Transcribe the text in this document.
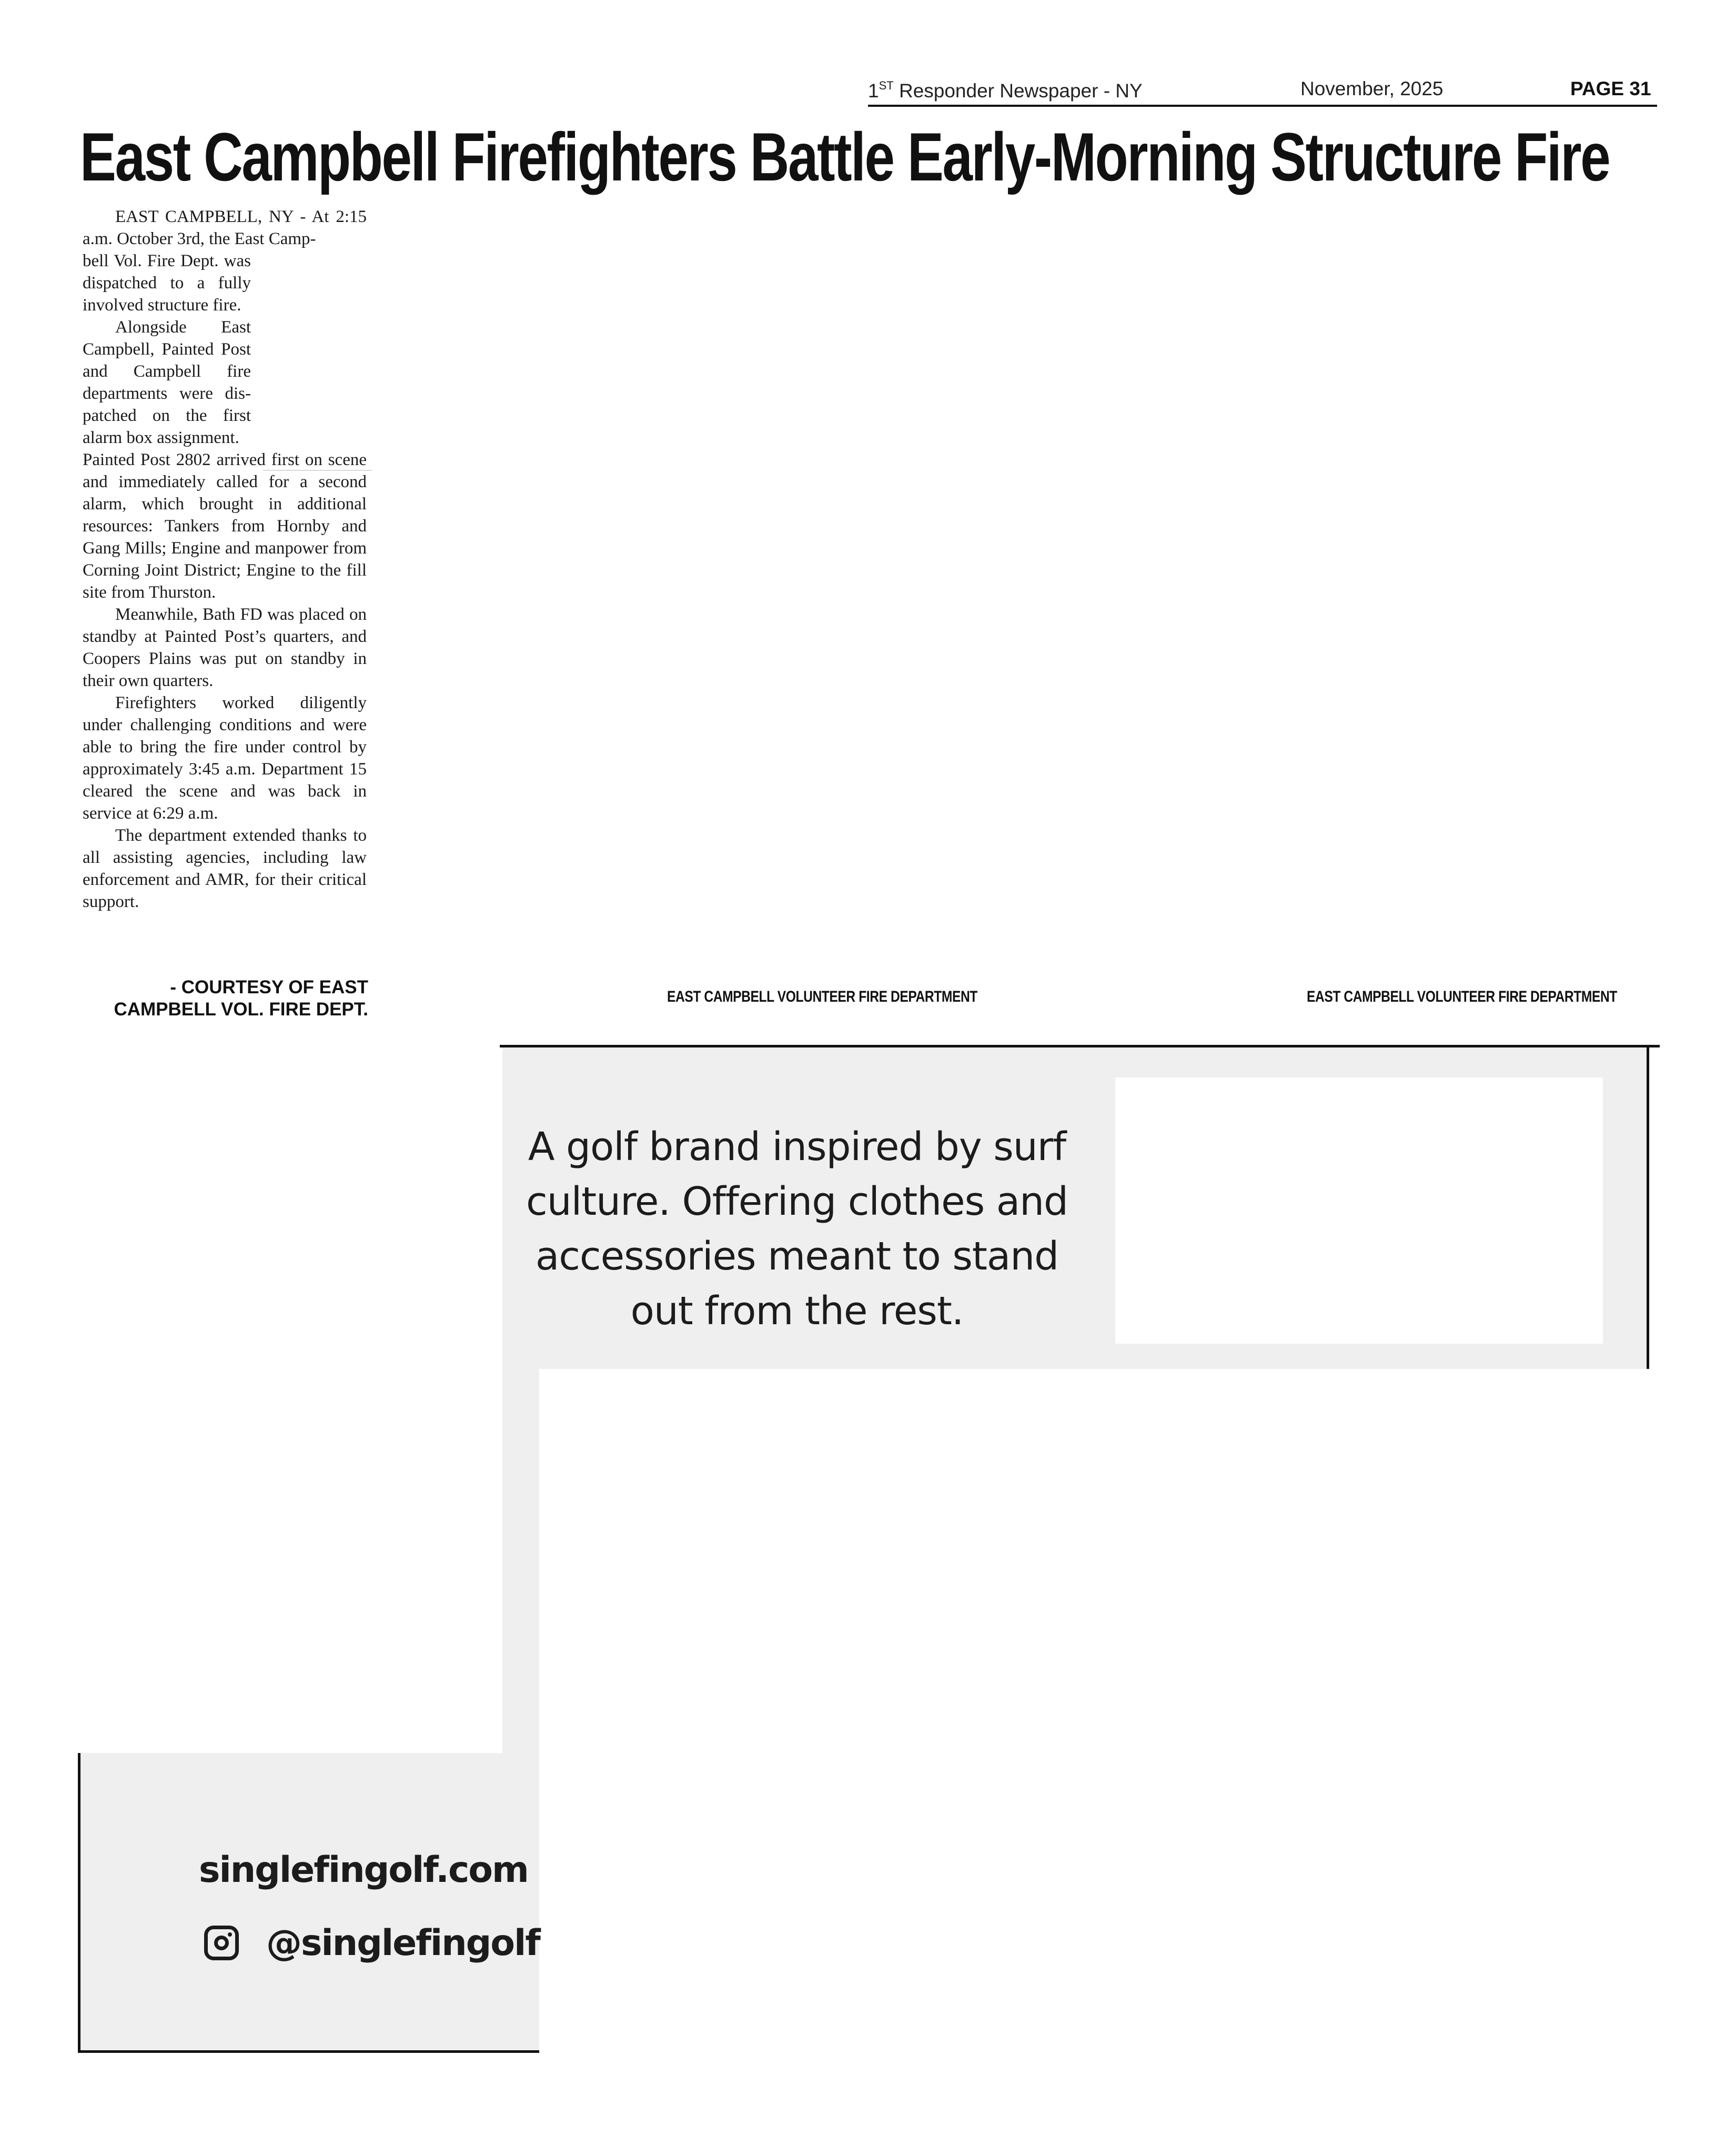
1ST Responder Newspaper - NY	November, 2025	PAGE 31
East Campbell Firefighters Battle Early-Morning Structure Fire

EAST CAMPBELL, NY - At 2:15 a.m. October 3rd, the East Camp-

bell Vol. Fire Dept. was dispatched to a fully involved structure fire.

Alongside East Campbell, Painted Post and Campbell fire departments were dispatched on the first alarm box assignment.

Painted Post 2802 arrived first on scene and immediately called for a second alarm, which brought in additional resources: Tankers from Hornby and Gang Mills; Engine and manpower from Corning Joint District; Engine to the fill site from Thurston.

Meanwhile, Bath FD was placed on standby at Painted Post’s quarters, and Coopers Plains was put on standby in their own quarters.

Firefighters worked diligently under challenging conditions and were able to bring the fire under control by approximately 3:45 a.m. Department 15 cleared the scene and was back in service at 6:29 a.m.

The department extended thanks to all assisting agencies, including law enforcement and AMR, for their critical support.

- COURTESY OF EAST
CAMPBELL VOL. FIRE DEPT.
EAST CAMPBELL VOLUNTEER FIRE DEPARTMENT	EAST CAMPBELL VOLUNTEER FIRE DEPARTMENT
A golf brand inspired by surf culture. Offering clothes and accessories meant to stand out from the rest.
singlefingolf.com
@singlefingolf
